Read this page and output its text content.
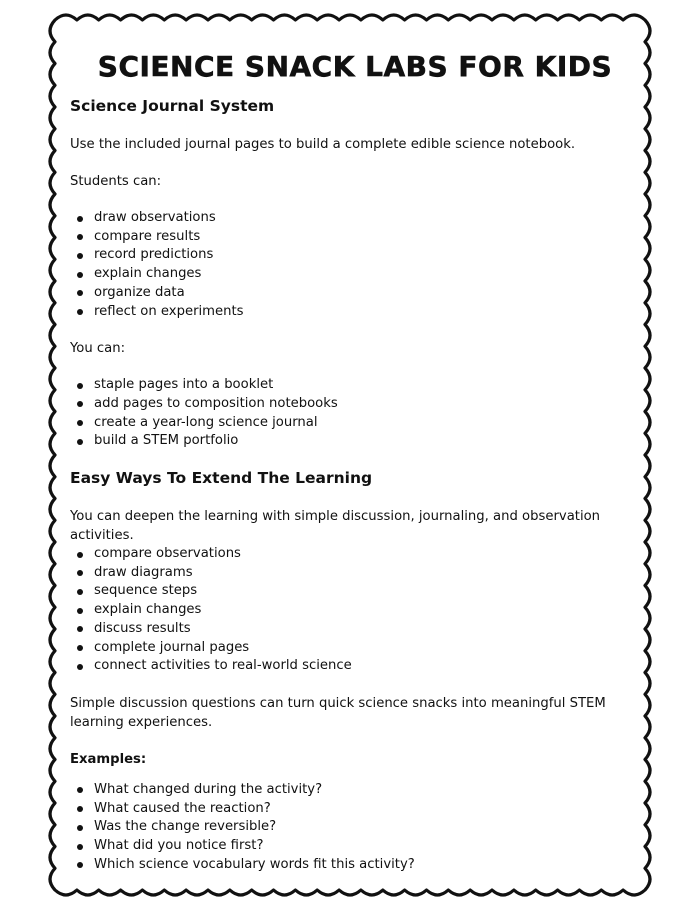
SCIENCE SNACK LABS FOR KIDS
Science Journal System

Use the included journal pages to build a complete edible science notebook.

Students can:

draw observations
compare results
record predictions
explain changes
organize data
reflect on experiments

You can:

staple pages into a booklet
add pages to composition notebooks
create a year-long science journal
build a STEM portfolio
Easy Ways To Extend The Learning

You can deepen the learning with simple discussion, journaling, and observation activities.

compare observations
draw diagrams
sequence steps
explain changes
discuss results
complete journal pages
connect activities to real-world science

Simple discussion questions can turn quick science snacks into meaningful STEM learning experiences.

Examples:

What changed during the activity?
What caused the reaction?
Was the change reversible?
What did you notice first?
Which science vocabulary words fit this activity?
